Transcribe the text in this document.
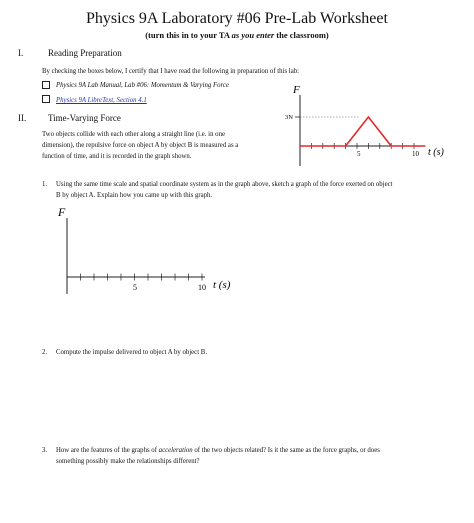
Physics 9A Laboratory #06 Pre-Lab Worksheet
(turn this in to your TA as you enter the classroom)
I.	Reading Preparation
By checking the boxes below, I certify that I have read the following in preparation of this lab:
Physics 9A Lab Manual, Lab #06: Momentum & Varying Force
Physics 9A LibreText, Section 4.1
II. Time-Varying Force
Two objects collide with each other along a straight line (i.e. in one
dimension), the repulsive force on object A by object B is measured as a
function of time, and it is recorded in the graph shown.
F
3N
5	10 t (s)
1. Using the same time scale and spatial coordinate system as in the graph above, sketch a graph of the force exerted on object
B by object A. Explain how you came up with this graph.
F
5	10 t (s)
2. Compute the impulse delivered to object A by object B.
3. How are the features of the graphs of acceleration of the two objects related? Is it the same as the force graphs, or does
something possibly make the relationships different?
